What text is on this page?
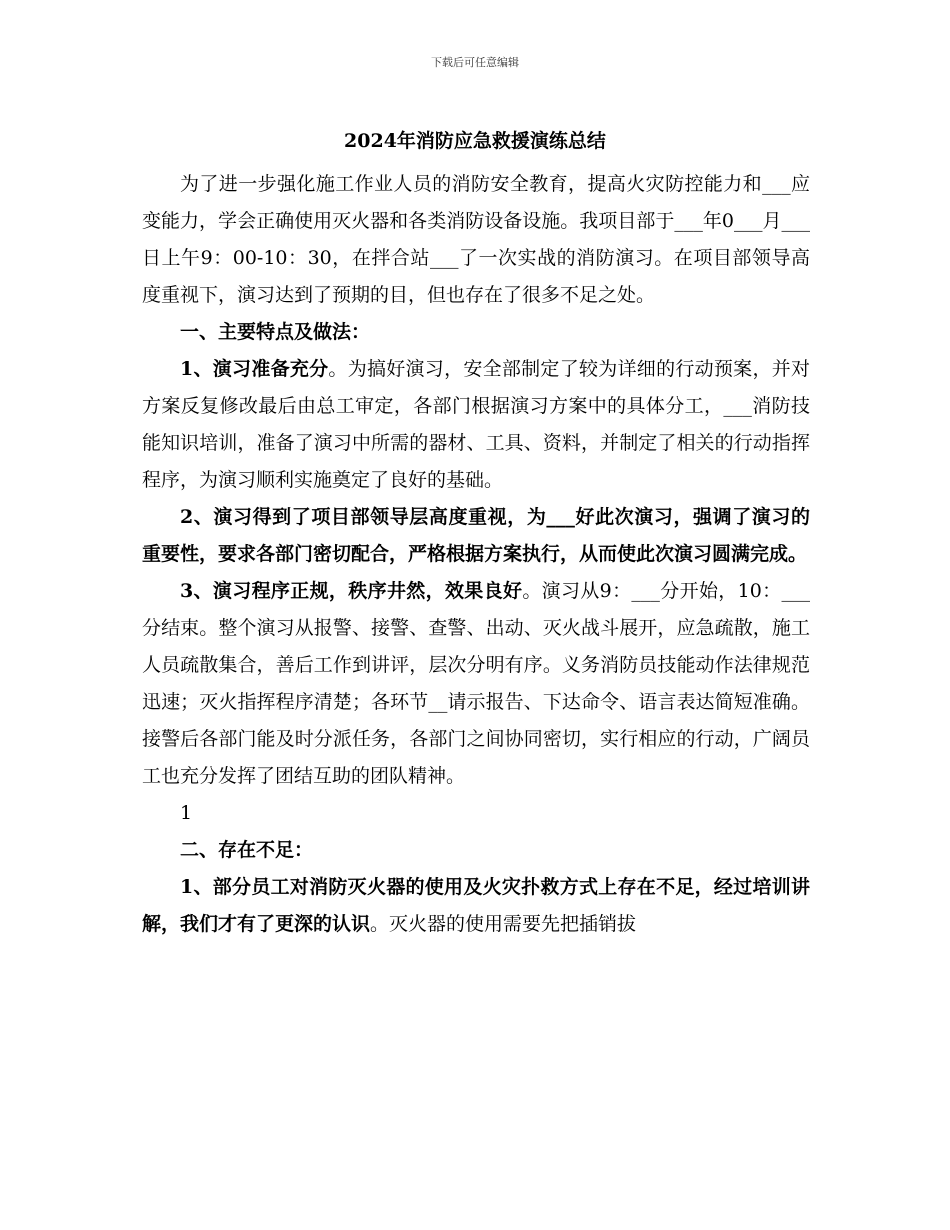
下载后可任意编辑
2024年消防应急救援演练总结

为了进一步强化施工作业人员的消防安全教育，提高火灾防控能力和___应变能力，学会正确使用灭火器和各类消防设备设施。我项目部于___年0___月___日上午9：00-10：30，在拌合站___了一次实战的消防演习。在项目部领导高度重视下，演习达到了预期的目，但也存在了很多不足之处。

一、主要特点及做法：

1、演习准备充分。为搞好演习，安全部制定了较为详细的行动预案，并对方案反复修改最后由总工审定，各部门根据演习方案中的具体分工，___消防技能知识培训，准备了演习中所需的器材、工具、资料，并制定了相关的行动指挥程序，为演习顺利实施奠定了良好的基础。

2、演习得到了项目部领导层高度重视，为___好此次演习，强调了演习的重要性，要求各部门密切配合，严格根据方案执行，从而使此次演习圆满完成。

3、演习程序正规，秩序井然，效果良好。演习从9：___分开始，10：___分结束。整个演习从报警、接警、查警、出动、灭火战斗展开，应急疏散，施工人员疏散集合，善后工作到讲评，层次分明有序。义务消防员技能动作法律规范迅速；灭火指挥程序清楚；各环节__请示报告、下达命令、语言表达简短准确。接警后各部门能及时分派任务，各部门之间协同密切，实行相应的行动，广阔员工也充分发挥了团结互助的团队精神。

1

二、存在不足：

1、部分员工对消防灭火器的使用及火灾扑救方式上存在不足，经过培训讲解，我们才有了更深的认识。灭火器的使用需要先把插销拔
